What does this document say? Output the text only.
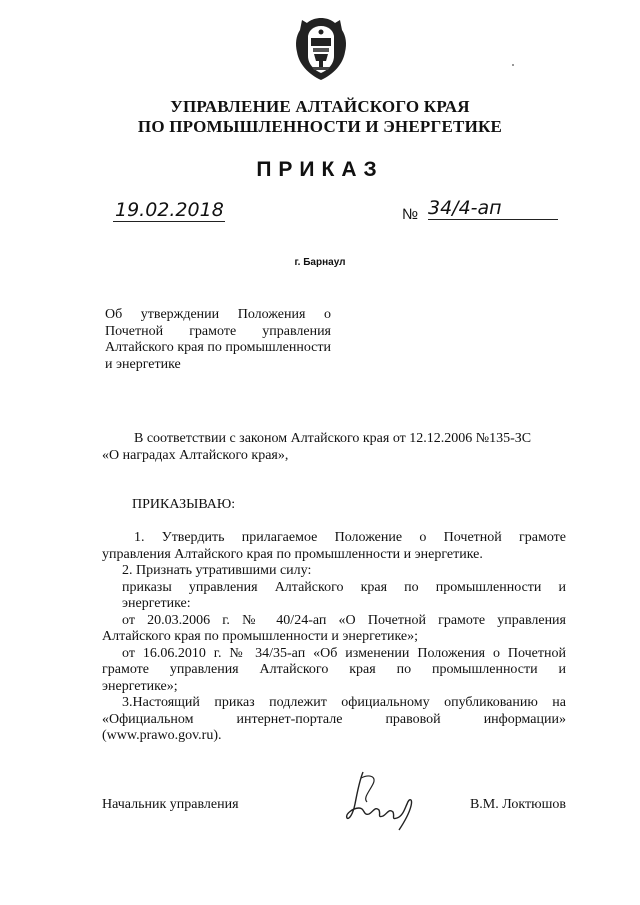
УПРАВЛЕНИЕ АЛТАЙСКОГО КРАЯ
ПО ПРОМЫШЛЕННОСТИ И ЭНЕРГЕТИКЕ
ПРИКАЗ
19.02.2018	№ 34/4-ап
г. Барнаул
Об утверждении Положения о Почетной грамоте управления Алтайского края по промышленности и энергетике
В соответствии с законом Алтайского края от 12.12.2006 №135-ЗС
«О наградах Алтайского края»,
ПРИКАЗЫВАЮ:
1. Утвердить прилагаемое Положение о Почетной грамоте
управления Алтайского края по промышленности и энергетике.
2. Признать утратившими силу:
приказы управления Алтайского края по промышленности и
энергетике:
от 20.03.2006 г. № 40/24-ап «О Почетной грамоте управления
Алтайского края по промышленности и энергетике»;
от 16.06.2010 г. № 34/35-ап «Об изменении Положения о Почетной
грамоте управления Алтайского края по промышленности и
энергетике»;
3.Настоящий приказ подлежит официальному опубликованию на
«Официальном интернет-портале правовой информации»
(www.prawo.gov.ru).
Начальник управления	В.М. Локтюшов
